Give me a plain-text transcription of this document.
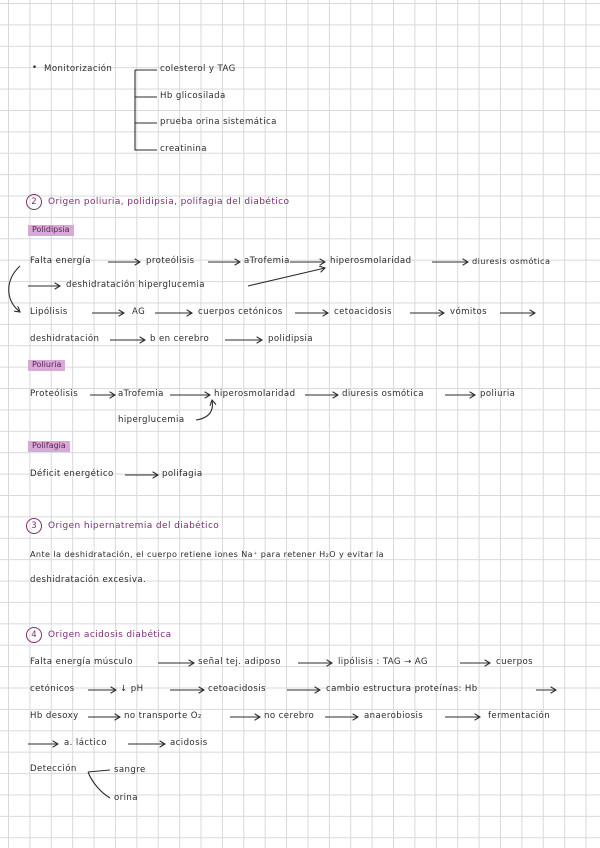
• Monitorización	colesterol y TAG
Hb glicosilada
prueba orina sistemática
creatinina
2	Origen poliuria, polidipsia, polifagia del diabético
Polidipsia
Falta energía	proteólisis	aTrofemia	hiperosmolaridad	diuresis osmótica
deshidratación hiperglucemia
Lipólisis	AG	cuerpos cetónicos	cetoacidosis	vómitos
deshidratación	b en cerebro	polidipsia
Poliuria
Proteólisis	aTrofemia	hiperosmolaridad	diuresis osmótica	poliuria
hiperglucemia
Polifagia
Déficit energético	polifagia
3	Origen hipernatremia del diabético
Ante la deshidratación, el cuerpo retiene iones Na⁺ para retener H₂O y evitar la
deshidratación excesiva.
4	Origen acidosis diabética
Falta energía músculo	señal tej. adiposo	lipólisis : TAG → AG	cuerpos
cetónicos	↓ pH	cetoacidosis	cambio estructura proteínas: Hb
Hb desoxy	no transporte O₂	no cerebro	anaerobiosis	fermentación
a. láctico	acidosis
Detección	sangre
orina
